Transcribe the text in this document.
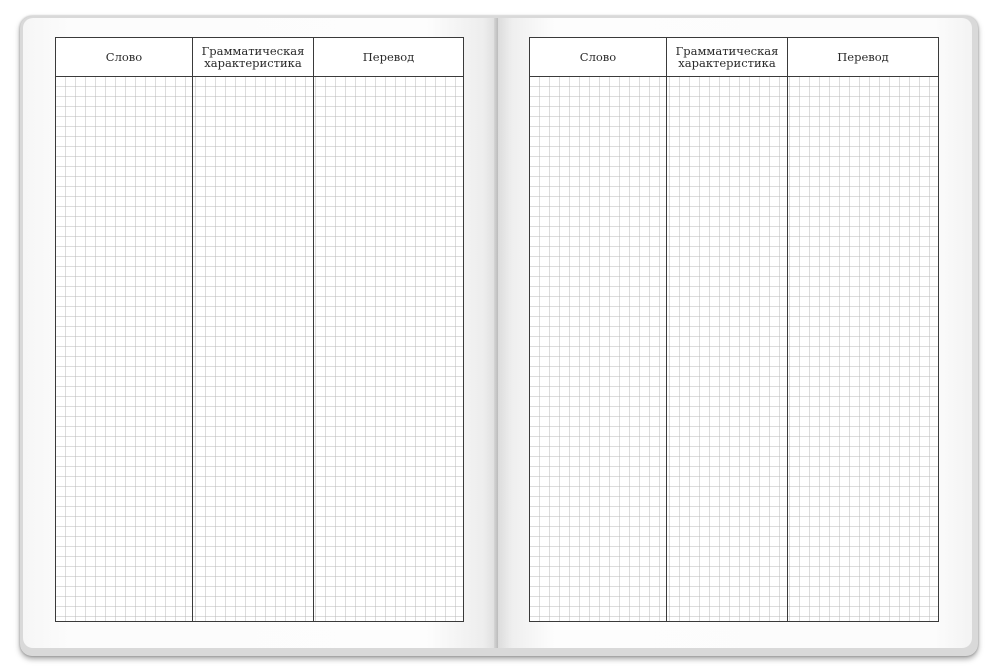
Слово	Грамматическая характеристика	Перевод	Слово	Грамматическая характеристика	Перевод
